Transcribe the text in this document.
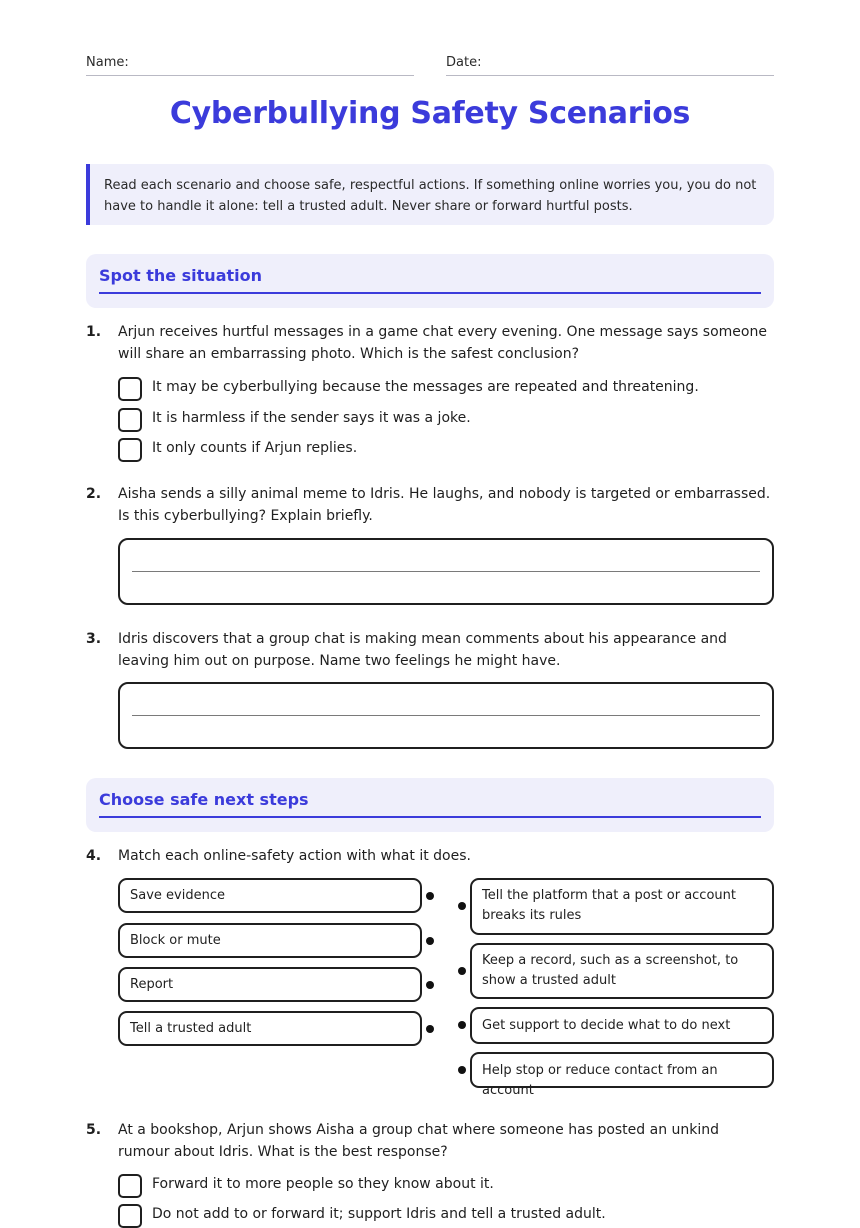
Name:	Date:
Cyberbullying Safety Scenarios
Read each scenario and choose safe, respectful actions. If something online worries you, you do not have to handle it alone: tell a trusted adult. Never share or forward hurtful posts.
Spot the situation
1. Arjun receives hurtful messages in a game chat every evening. One message says someone will share an embarrassing photo. Which is the safest conclusion?
It may be cyberbullying because the messages are repeated and threatening.
It is harmless if the sender says it was a joke.
It only counts if Arjun replies.
2. Aisha sends a silly animal meme to Idris. He laughs, and nobody is targeted or embarrassed. Is this cyberbullying? Explain briefly.
3. Idris discovers that a group chat is making mean comments about his appearance and leaving him out on purpose. Name two feelings he might have.
Choose safe next steps
4. Match each online-safety action with what it does.
Save evidence
Block or mute
Report
Tell a trusted adult
Tell the platform that a post or account breaks its rules
Keep a record, such as a screenshot, to show a trusted adult
Get support to decide what to do next
Help stop or reduce contact from an account
5. At a bookshop, Arjun shows Aisha a group chat where someone has posted an unkind rumour about Idris. What is the best response?
Forward it to more people so they know about it.
Do not add to or forward it; support Idris and tell a trusted adult.
